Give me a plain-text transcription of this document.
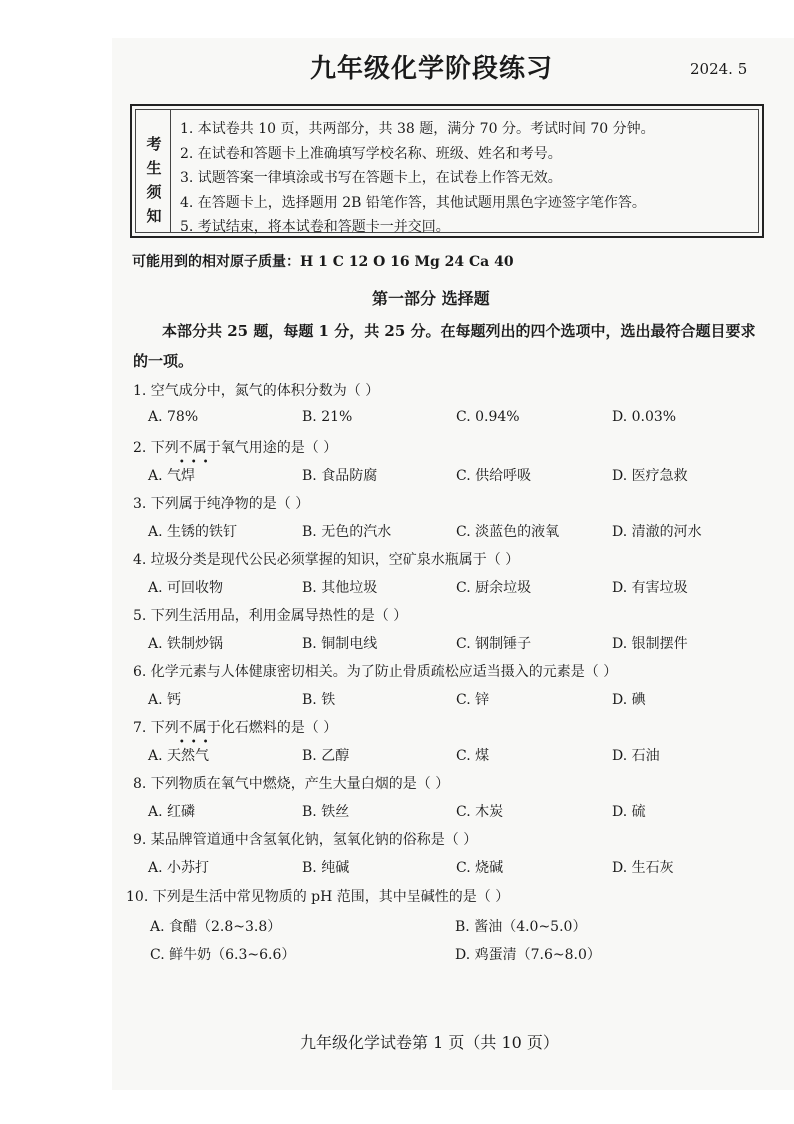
九年级化学阶段练习	2024. 5
考生须知
1. 本试卷共 10 页，共两部分，共 38 题，满分 70 分。考试时间 70 分钟。
2. 在试卷和答题卡上准确填写学校名称、班级、姓名和考号。
3. 试题答案一律填涂或书写在答题卡上，在试卷上作答无效。
4. 在答题卡上，选择题用 2B 铅笔作答，其他试题用黑色字迹签字笔作答。
5. 考试结束，将本试卷和答题卡一并交回。
可能用到的相对原子质量：H 1 C 12 O 16 Mg 24 Ca 40
第一部分 选择题
本部分共 25 题，每题 1 分，共 25 分。在每题列出的四个选项中，选出最符合题目要求
的一项。
1. 空气成分中，氮气的体积分数为（ ）
A. 78%	B. 21%	C. 0.94%	D. 0.03%
2. 下列不属于
•••
氧气用途的是（ ）
A. 气焊	B. 食品防腐	C. 供给呼吸	D. 医疗急救
3. 下列属于纯净物的是（ ）
A. 生锈的铁钉	B. 无色的汽水	C. 淡蓝色的液氧	D. 清澈的河水
4. 垃圾分类是现代公民必须掌握的知识，空矿泉水瓶属于（ ）
A. 可回收物	B. 其他垃圾	C. 厨余垃圾	D. 有害垃圾
5. 下列生活用品，利用金属导热性的是（ ）
A. 铁制炒锅	B. 铜制电线	C. 钢制锤子	D. 银制摆件
6. 化学元素与人体健康密切相关。为了防止骨质疏松应适当摄入的元素是（ ）
A. 钙	B. 铁	C. 锌	D. 碘
7. 下列不属于
•••
化石燃料的是（ ）
A. 天然气	B. 乙醇	C. 煤	D. 石油
8. 下列物质在氧气中燃烧，产生大量白烟的是（ ）
A. 红磷	B. 铁丝	C. 木炭	D. 硫
9. 某品牌管道通中含氢氧化钠，氢氧化钠的俗称是（ ）
A. 小苏打	B. 纯碱	C. 烧碱	D. 生石灰
10. 下列是生活中常见物质的 pH 范围，其中呈碱性的是（ ）
A. 食醋（2.8~3.8）	B. 酱油（4.0~5.0）
C. 鲜牛奶（6.3~6.6）	D. 鸡蛋清（7.6~8.0）
九年级化学试卷第 1 页（共 10 页）
